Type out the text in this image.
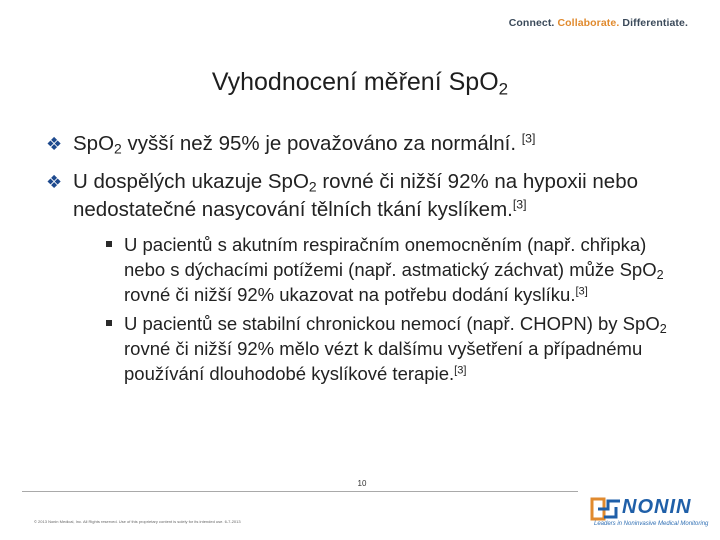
Connect. Collaborate. Differentiate.
Vyhodnocení měření SpO$_2$
❖ SpO$_2$ vyšší než 95% je považováno za normální. [3]
❖ U dospělých ukazuje SpO$_2$ rovné či nižší 92% na hypoxii nebo nedostatečné nasycování tělních tkání kyslíkem.[3]
U pacientů s akutním respiračním onemocněním (např. chřipka) nebo s dýchacími potížemi (např. astmatický záchvat) může SpO$_2$ rovné či nižší 92% ukazovat na potřebu dodání kyslíku.[3]
U pacientů se stabilní chronickou nemocí (např. CHOPN) by SpO$_2$ rovné či nižší 92% mělo vézt k dalšímu vyšetření a případnému používání dlouhodobé kyslíkové terapie.[3]
10
© 2013 Nonin Medical, Inc. All Rights reserved. Use of this proprietary content is solely for its intended use. 6-7-2013
NONIN
Leaders in Noninvasive Medical Monitoring
